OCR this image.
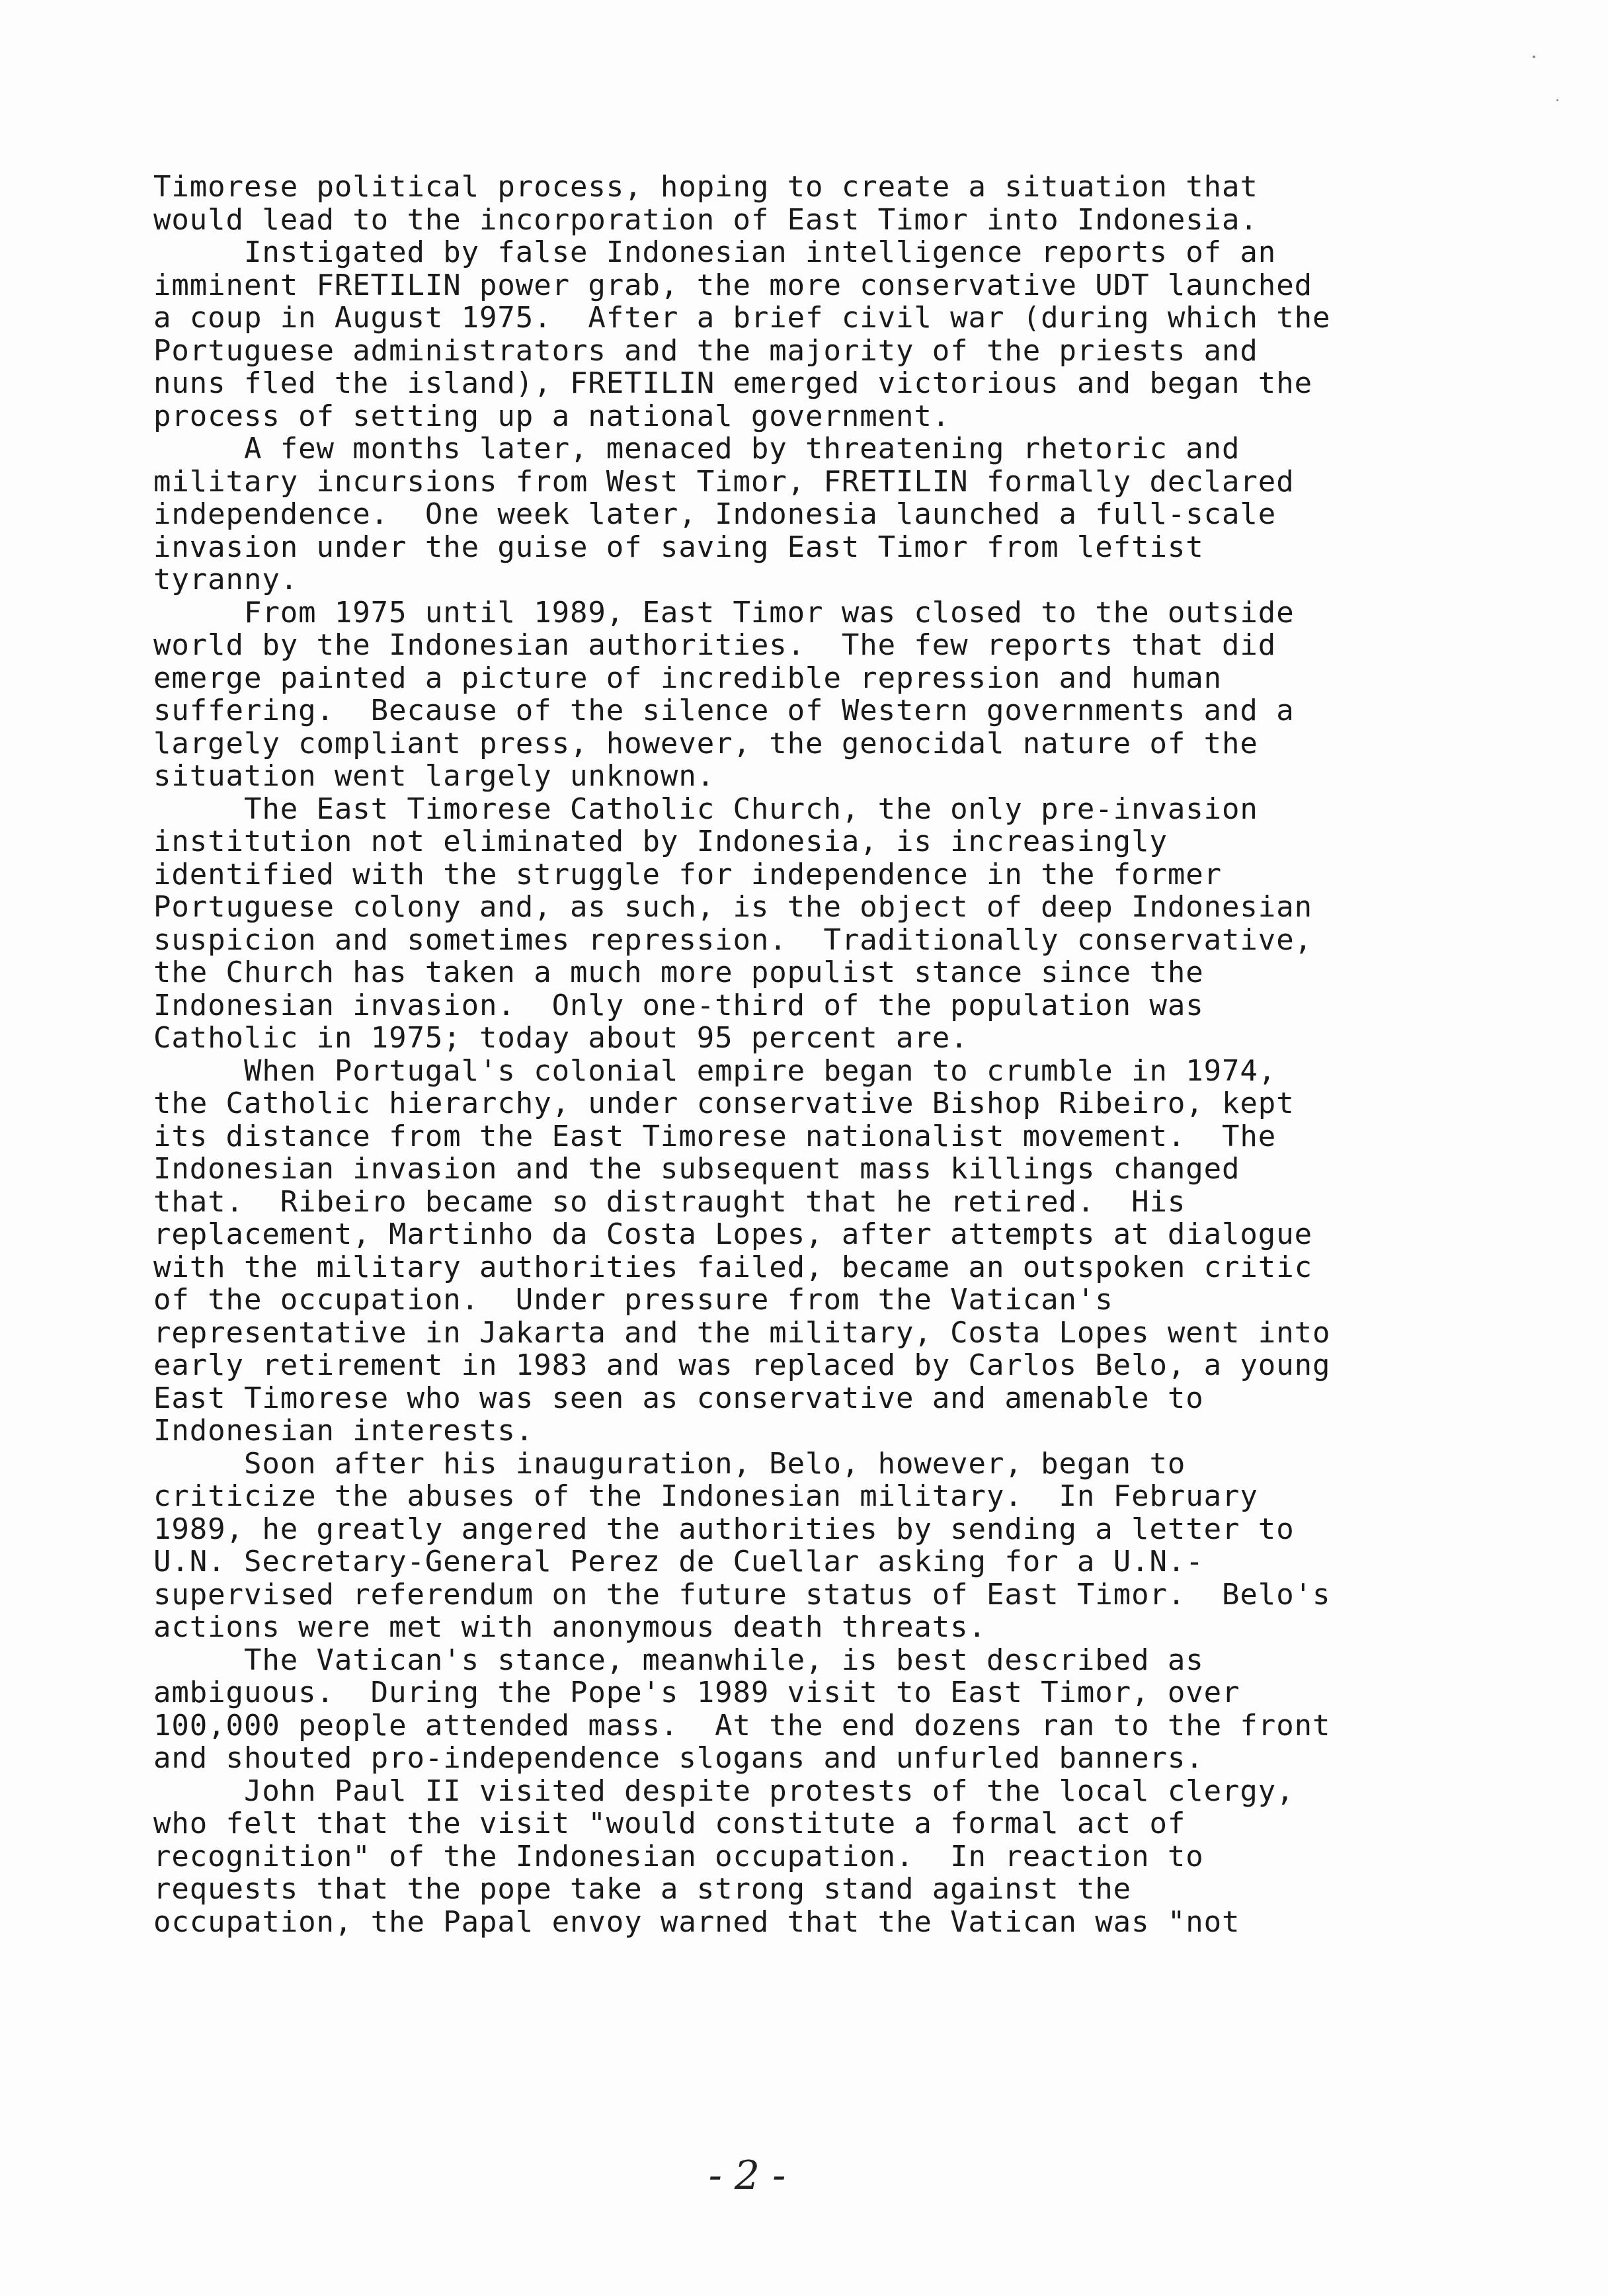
Timorese political process, hoping to create a situation that
would lead to the incorporation of East Timor into Indonesia.
Instigated by false Indonesian intelligence reports of an
imminent FRETILIN power grab, the more conservative UDT launched
a coup in August 1975.  After a brief civil war (during which the
Portuguese administrators and the majority of the priests and
nuns fled the island), FRETILIN emerged victorious and began the
process of setting up a national government.
A few months later, menaced by threatening rhetoric and
military incursions from West Timor, FRETILIN formally declared
independence.  One week later, Indonesia launched a full-scale
invasion under the guise of saving East Timor from leftist
tyranny.
From 1975 until 1989, East Timor was closed to the outside
world by the Indonesian authorities.  The few reports that did
emerge painted a picture of incredible repression and human
suffering.  Because of the silence of Western governments and a
largely compliant press, however, the genocidal nature of the
situation went largely unknown.
The East Timorese Catholic Church, the only pre-invasion
institution not eliminated by Indonesia, is increasingly
identified with the struggle for independence in the former
Portuguese colony and, as such, is the object of deep Indonesian
suspicion and sometimes repression.  Traditionally conservative,
the Church has taken a much more populist stance since the
Indonesian invasion.  Only one-third of the population was
Catholic in 1975; today about 95 percent are.
When Portugal's colonial empire began to crumble in 1974,
the Catholic hierarchy, under conservative Bishop Ribeiro, kept
its distance from the East Timorese nationalist movement.  The
Indonesian invasion and the subsequent mass killings changed
that.  Ribeiro became so distraught that he retired.  His
replacement, Martinho da Costa Lopes, after attempts at dialogue
with the military authorities failed, became an outspoken critic
of the occupation.  Under pressure from the Vatican's
representative in Jakarta and the military, Costa Lopes went into
early retirement in 1983 and was replaced by Carlos Belo, a young
East Timorese who was seen as conservative and amenable to
Indonesian interests.
Soon after his inauguration, Belo, however, began to
criticize the abuses of the Indonesian military.  In February
1989, he greatly angered the authorities by sending a letter to
U.N. Secretary-General Perez de Cuellar asking for a U.N.-
supervised referendum on the future status of East Timor.  Belo's
actions were met with anonymous death threats.
The Vatican's stance, meanwhile, is best described as
ambiguous.  During the Pope's 1989 visit to East Timor, over
100,000 people attended mass.  At the end dozens ran to the front
and shouted pro-independence slogans and unfurled banners.
John Paul II visited despite protests of the local clergy,
who felt that the visit "would constitute a formal act of
recognition" of the Indonesian occupation.  In reaction to
requests that the pope take a strong stand against the
occupation, the Papal envoy warned that the Vatican was "not
- 2 -
